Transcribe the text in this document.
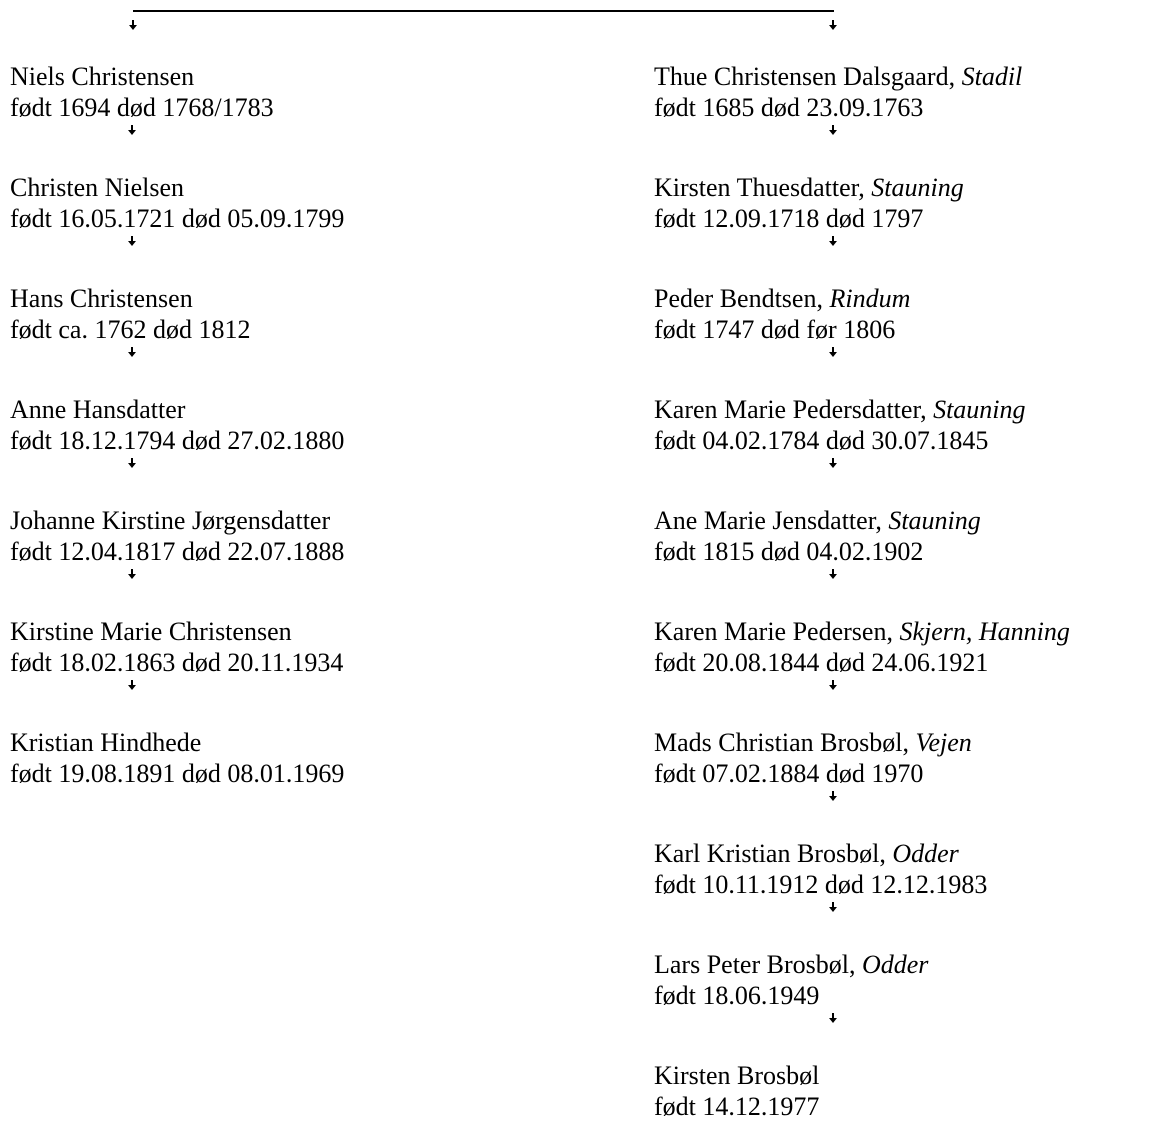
Niels Christensen
født 1694 død 1768/1783
Christen Nielsen
født 16.05.1721 død 05.09.1799
Hans Christensen
født ca. 1762 død 1812
Anne Hansdatter
født 18.12.1794 død 27.02.1880
Johanne Kirstine Jørgensdatter
født 12.04.1817 død 22.07.1888
Kirstine Marie Christensen
født 18.02.1863 død 20.11.1934
Kristian Hindhede
født 19.08.1891 død 08.01.1969
Thue Christensen Dalsgaard, Stadil
født 1685 død 23.09.1763
Kirsten Thuesdatter, Stauning
født 12.09.1718 død 1797
Peder Bendtsen, Rindum
født 1747 død før 1806
Karen Marie Pedersdatter, Stauning
født 04.02.1784 død 30.07.1845
Ane Marie Jensdatter, Stauning
født 1815 død 04.02.1902
Karen Marie Pedersen, Skjern, Hanning
født 20.08.1844 død 24.06.1921
Mads Christian Brosbøl, Vejen
født 07.02.1884 død 1970
Karl Kristian Brosbøl, Odder
født 10.11.1912 død 12.12.1983
Lars Peter Brosbøl, Odder
født 18.06.1949
Kirsten Brosbøl
født 14.12.1977
